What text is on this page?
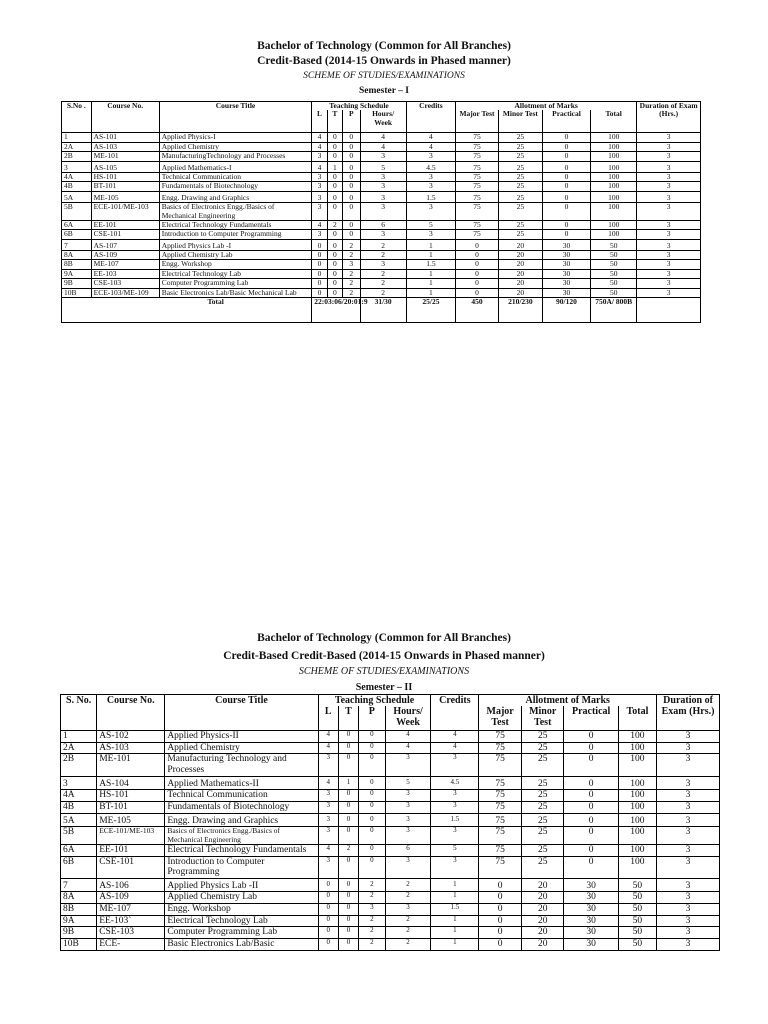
Bachelor of Technology (Common for All Branches)
Credit-Based (2014-15 Onwards in Phased manner)
SCHEME OF STUDIES/EXAMINATIONS
Semester – I
S.No .	Course No.	Course Title	Teaching Schedule				Credits	Allotment of Marks				Duration of Exam (Hrs.)
			L	T	P	Hours/ Week		Major Test	Minor Test	Practical	Total	
1	AS-101	Applied Physics-I	4	0	0	4	4	75	25	0	100	3
2A	AS-103	Applied Chemistry	4	0	0	4	4	75	25	0	100	3
2B	ME-101	ManufacturingTechnology and Processes	3	0	0	3	3	75	25	0	100	3
3	AS-105	Applied Mathematics-I	4	1	0	5	4.5	75	25	0	100	3
4A	HS-101	Technical Communication	3	0	0	3	3	75	25	0	100	3
4B	BT-101	Fundamentals of Biotechnology	3	0	0	3	3	75	25	0	100	3
5A	ME-105	Engg. Drawing and Graphics	3	0	0	3	1.5	75	25	0	100	3
5B	ECE-101/ME-103	Basics of Electronics Engg./Basics of Mechanical Engineering	3	0	0	3	3	75	25	0	100	3
6A	EE-101	Electrical Technology Fundamentals	4	2	0	6	5	75	25	0	100	3
6B	CSE-101	Introduction to Computer Programming	3	0	0	3	3	75	25	0	100	3
7	AS-107	Applied Physics Lab -I	0	0	2	2	1	0	20	30	50	3
8A	AS-109	Applied Chemistry Lab	0	0	2	2	1	0	20	30	50	3
8B	ME-107	Engg. Workshop	0	0	3	3	1.5	0	20	30	50	3
9A	EE-103	Electrical Technology Lab	0	0	2	2	1	0	20	30	50	3
9B	CSE-103	Computer Programming Lab	0	0	2	2	1	0	20	30	50	3
10B	ECE-103/ME-109	Basic Electronics Lab/Basic Mechanical Lab	0	0	2	2	1	0	20	30	50	3
Total			22:03:06/20:01:9			31/30	25/25	450	210/230	90/120	750A/ 800B	
Bachelor of Technology (Common for All Branches)
Credit-Based Credit-Based (2014-15 Onwards in Phased manner)
SCHEME OF STUDIES/EXAMINATIONS
Semester – II
S. No.	Course No.	Course Title	Teaching Schedule				Credits	Allotment of Marks				Duration of Exam (Hrs.)
			L	T	P	Hours/ Week		Major Test	Minor Test	Practical	Total	
1	AS-102	Applied Physics-II	4	0	0	4	4	75	25	0	100	3
2A	AS-103	Applied Chemistry	4	0	0	4	4	75	25	0	100	3
2B	ME-101	Manufacturing Technology and Processes	3	0	0	3	3	75	25	0	100	3
3	AS-104	Applied Mathematics-II	4	1	0	5	4.5	75	25	0	100	3
4A	HS-101	Technical Communication	3	0	0	3	3	75	25	0	100	3
4B	BT-101	Fundamentals of Biotechnology	3	0	0	3	3	75	25	0	100	3
5A	ME-105	Engg. Drawing and Graphics	3	0	0	3	1.5	75	25	0	100	3
5B	ECE-101/ME-103	Basics of Electronics Engg./Basics of Mechanical Engineering	3	0	0	3	3	75	25	0	100	3
6A	EE-101	Electrical Technology Fundamentals	4	2	0	6	5	75	25	0	100	3
6B	CSE-101	Introduction to Computer Programming	3	0	0	3	3	75	25	0	100	3
7	AS-106	Applied Physics Lab -II	0	0	2	2	1	0	20	30	50	3
8A	AS-109	Applied Chemistry Lab	0	0	2	2	1	0	20	30	50	3
8B	ME-107	Engg. Workshop	0	0	3	3	1.5	0	20	30	50	3
9A	EE-103`	Electrical Technology Lab	0	0	2	2	1	0	20	30	50	3
9B	CSE-103	Computer Programming Lab	0	0	2	2	1	0	20	30	50	3
10B	ECE-	Basic Electronics Lab/Basic	0	0	2	2	1	0	20	30	50	3
